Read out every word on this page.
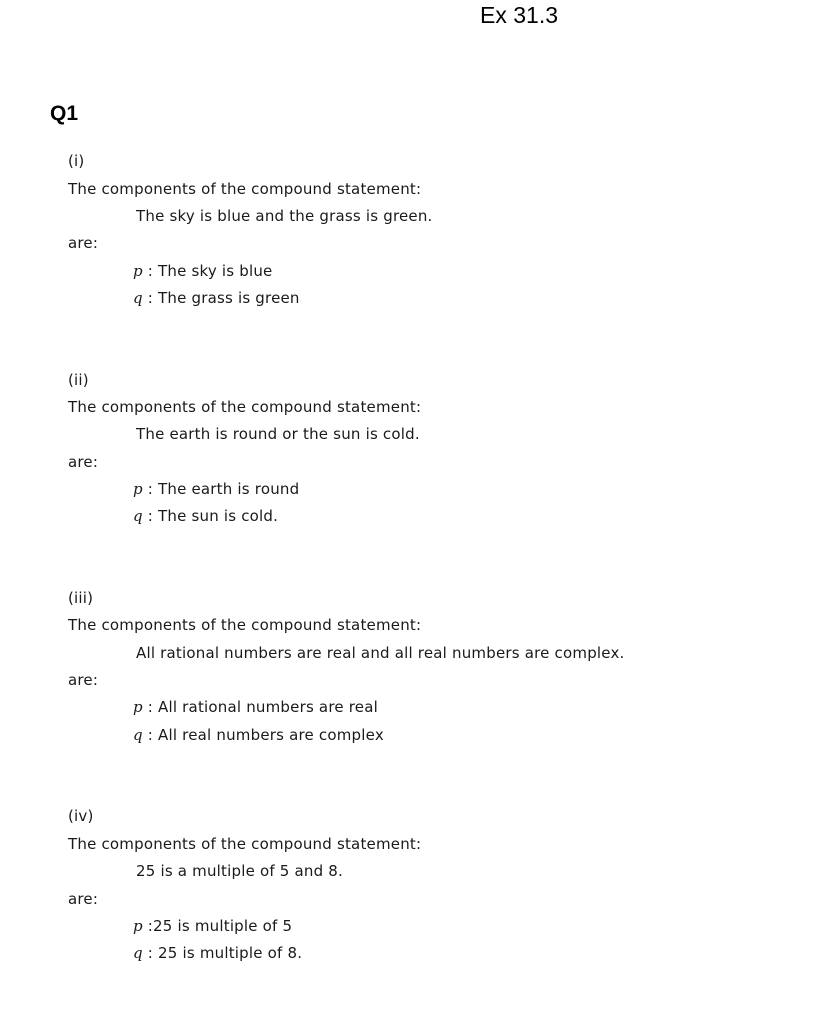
Ex 31.3
Q1
(i)
The components of the compound statement:
The sky is blue and the grass is green.
are:
p : The sky is blue
q : The grass is green
(ii)
The components of the compound statement:
The earth is round or the sun is cold.
are:
p : The earth is round
q : The sun is cold.
(iii)
The components of the compound statement:
All rational numbers are real and all real numbers are complex.
are:
p : All rational numbers are real
q : All real numbers are complex
(iv)
The components of the compound statement:
25 is a multiple of 5 and 8.
are:
p :25 is multiple of 5
q : 25 is multiple of 8.
